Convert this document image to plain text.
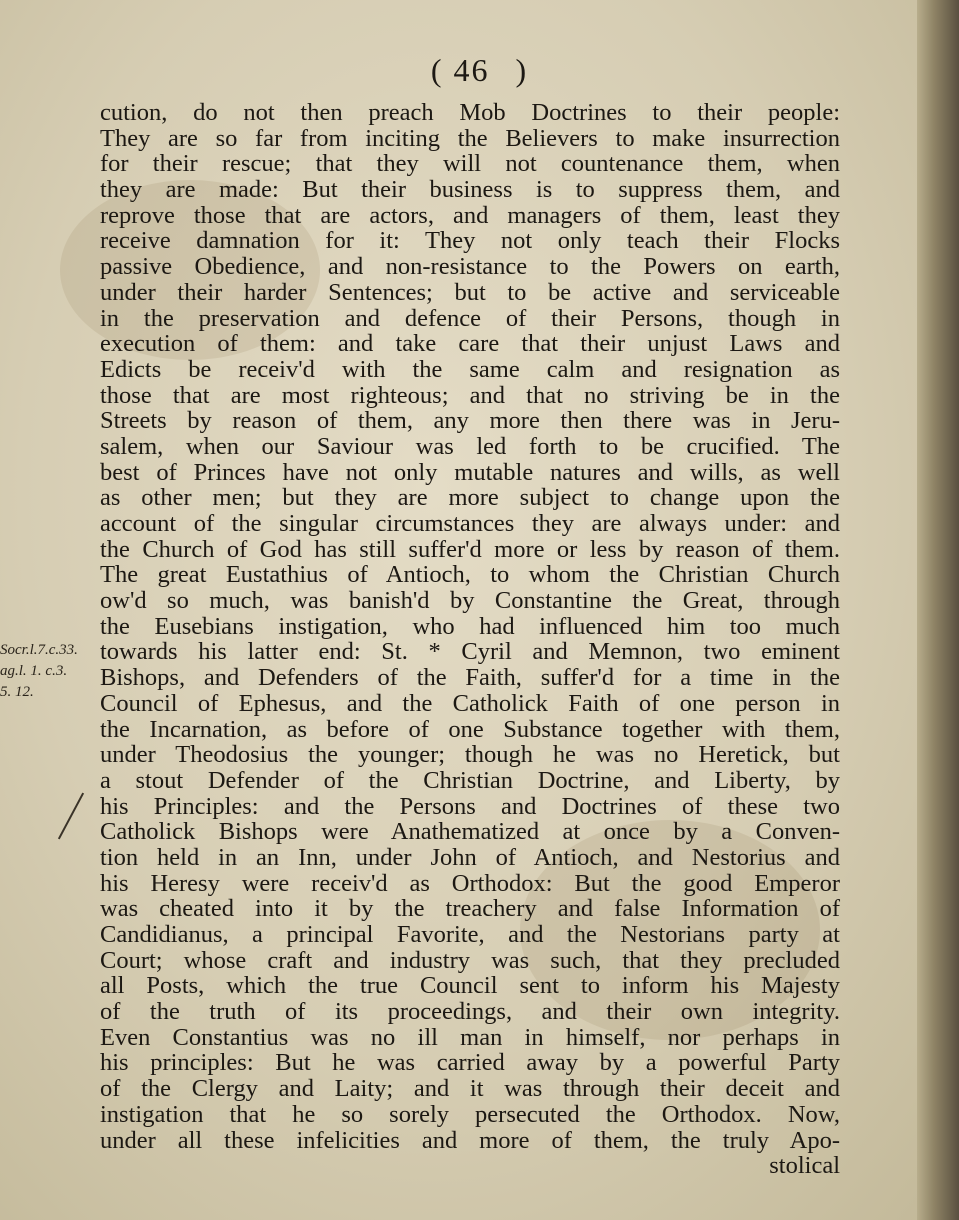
( 46 )
Socr.l.7.c.33.
ag.l. 1. c.3.
5. 12.
cution, do not then preach Mob Doctrines to their people:
They are so far from inciting the Believers to make insurrection
for their rescue; that they will not countenance them, when
they are made: But their business is to suppress them, and
reprove those that are actors, and managers of them, least they
receive damnation for it: They not only teach their Flocks
passive Obedience, and non-resistance to the Powers on earth,
under their harder Sentences; but to be active and serviceable
in the preservation and defence of their Persons, though in
execution of them: and take care that their unjust Laws and
Edicts be receiv'd with the same calm and resignation as
those that are most righteous; and that no striving be in the
Streets by reason of them, any more then there was in Jeru-
salem, when our Saviour was led forth to be crucified. The
best of Princes have not only mutable natures and wills, as well
as other men; but they are more subject to change upon the
account of the singular circumstances they are always under: and
the Church of God has still suffer'd more or less by reason of them.
The great Eustathius of Antioch, to whom the Christian Church
ow'd so much, was banish'd by Constantine the Great, through
the Eusebians instigation, who had influenced him too much
towards his latter end: St. * Cyril and Memnon, two eminent
Bishops, and Defenders of the Faith, suffer'd for a time in the
Council of Ephesus, and the Catholick Faith of one person in
the Incarnation, as before of one Substance together with them,
under Theodosius the younger; though he was no Heretick, but
a stout Defender of the Christian Doctrine, and Liberty, by
his Principles: and the Persons and Doctrines of these two
Catholick Bishops were Anathematized at once by a Conven-
tion held in an Inn, under John of Antioch, and Nestorius and
his Heresy were receiv'd as Orthodox: But the good Emperor
was cheated into it by the treachery and false Information of
Candidianus, a principal Favorite, and the Nestorians party at
Court; whose craft and industry was such, that they precluded
all Posts, which the true Council sent to inform his Majesty
of the truth of its proceedings, and their own integrity.
Even Constantius was no ill man in himself, nor perhaps in
his principles: But he was carried away by a powerful Party
of the Clergy and Laity; and it was through their deceit and
instigation that he so sorely persecuted the Orthodox. Now,
under all these infelicities and more of them, the truly Apo-
stolical
